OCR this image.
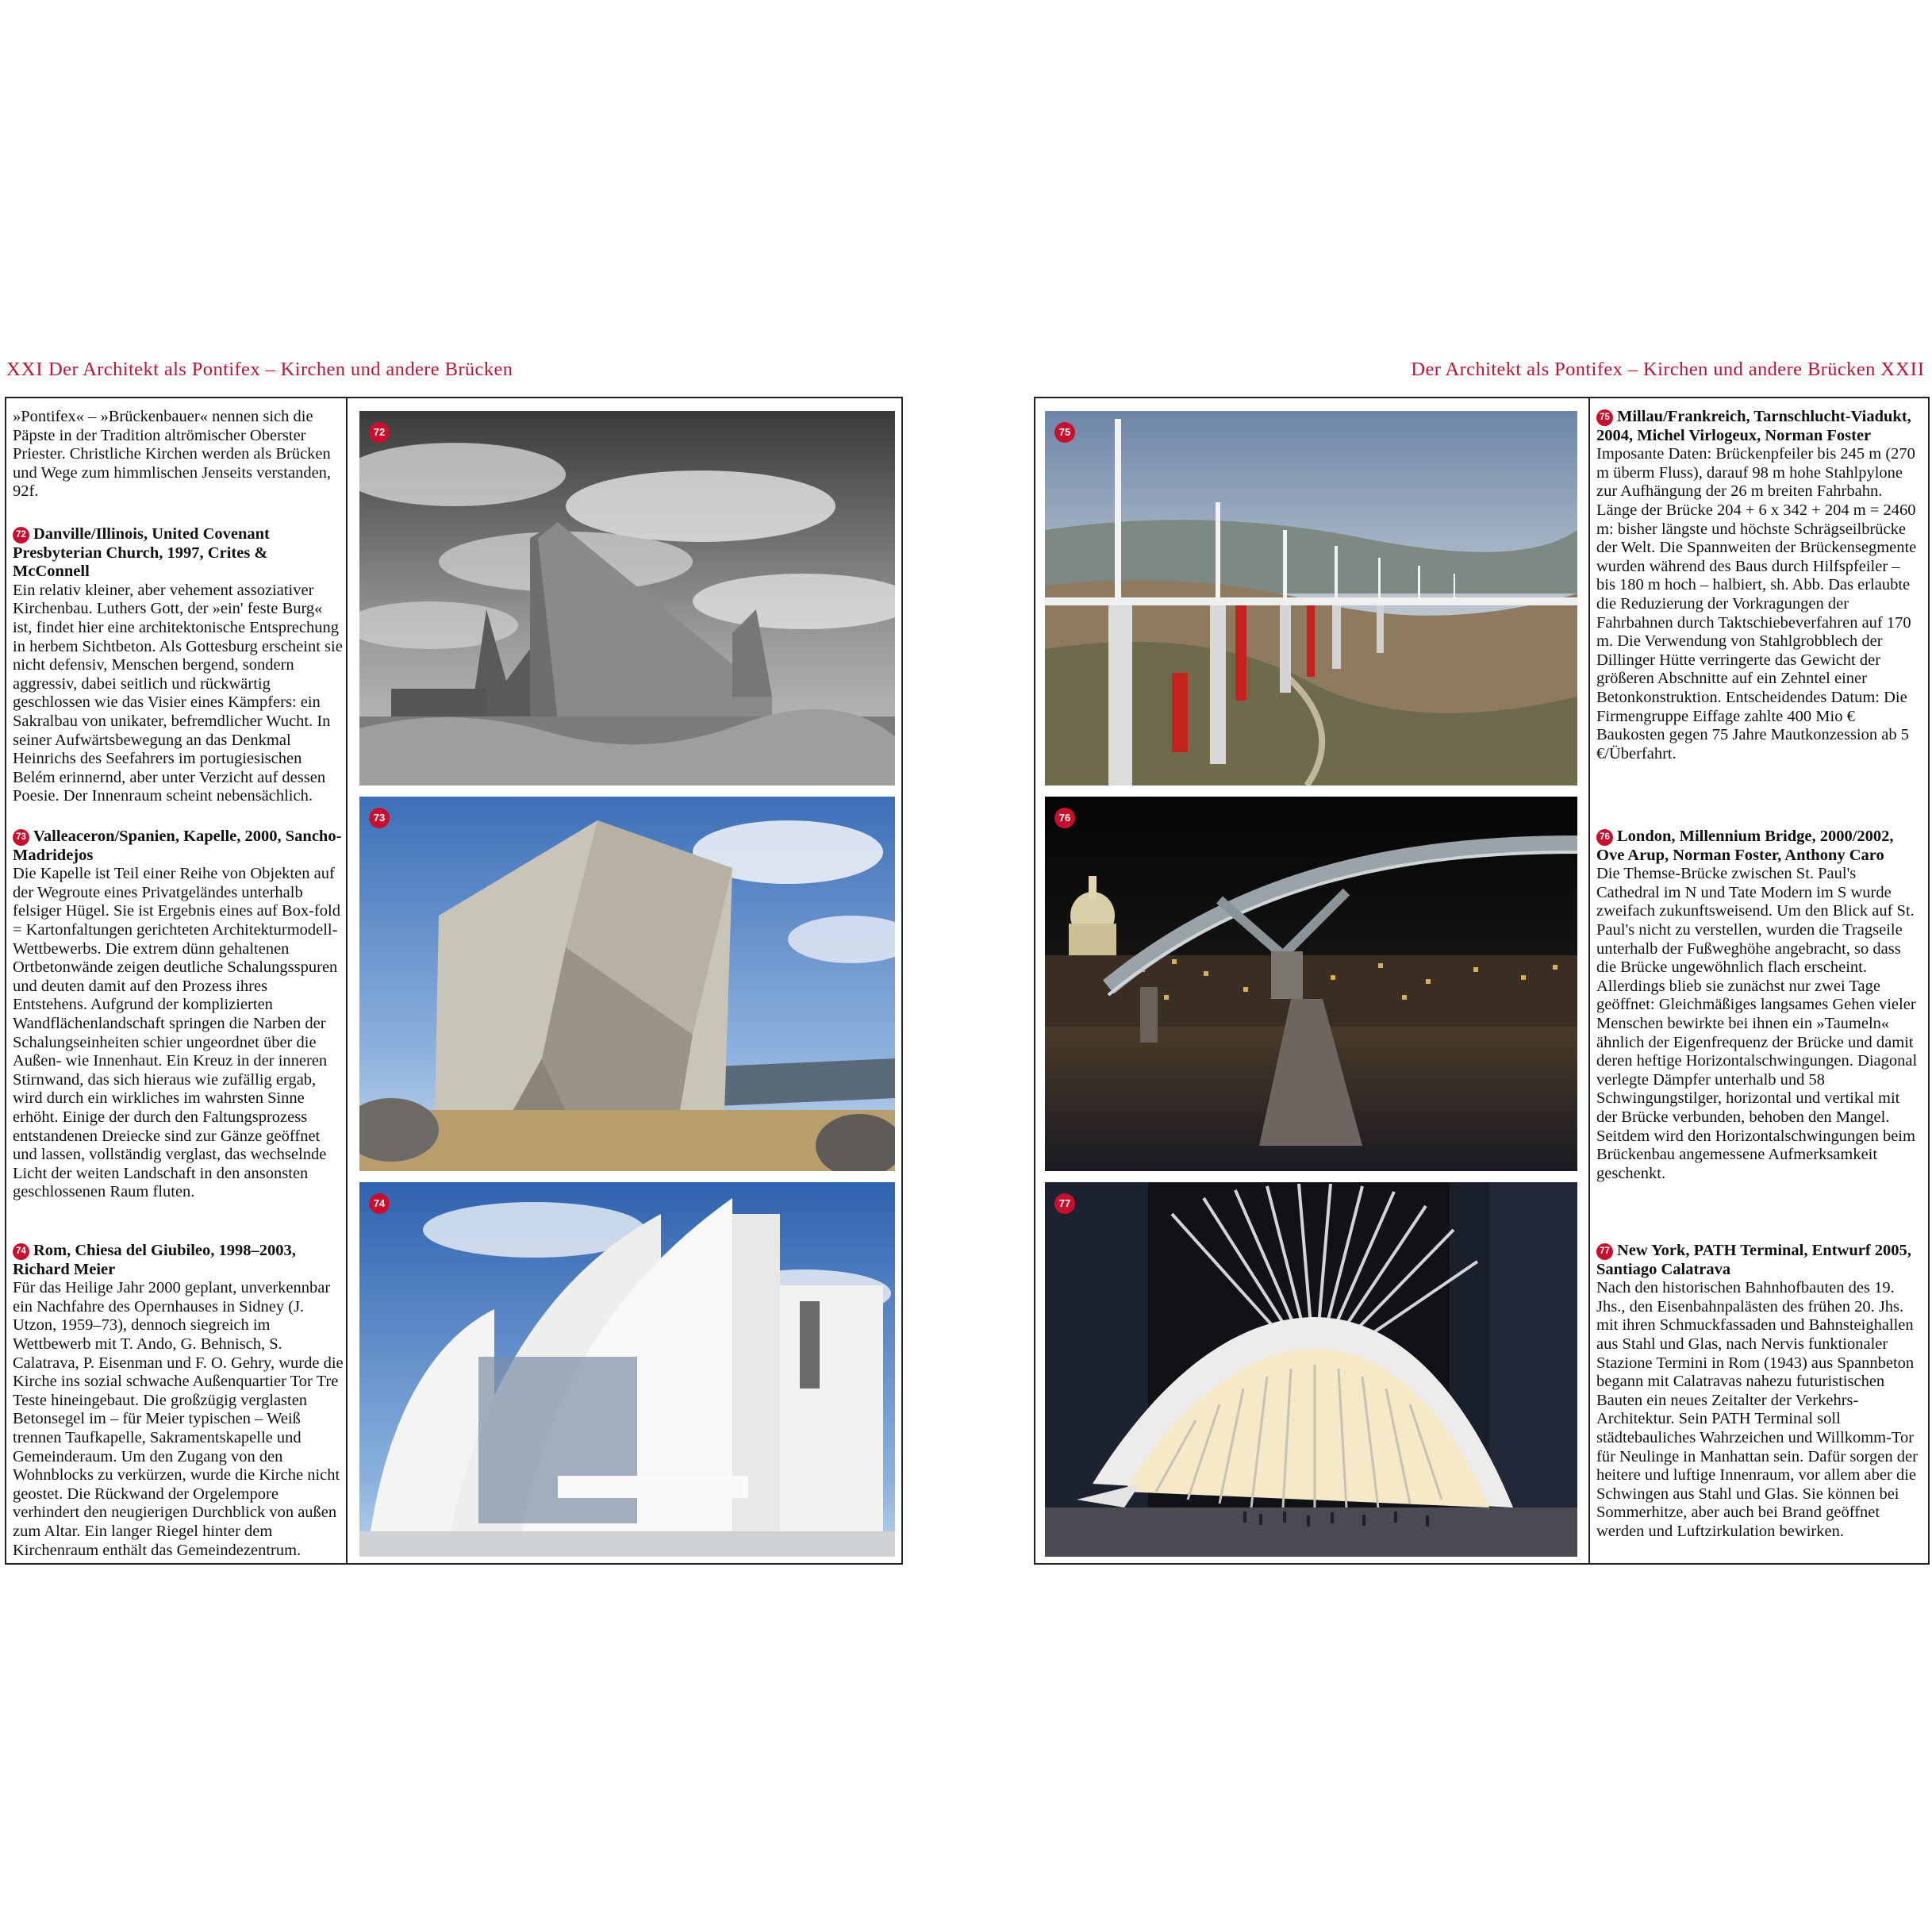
XXI Der Architekt als Pontifex – Kirchen und andere Brücken

»Pontifex« – »Brückenbauer« nennen sich die Päpste in der Tradition altrömischer Oberster Priester. Christliche Kirchen werden als Brücken und Wege zum himmlischen Jenseits verstanden, 92f.

72 Danville/Illinois, United Covenant Presbyterian Church, 1997, Crites & McConnell

Ein relativ kleiner, aber vehement assoziativer Kirchenbau. Luthers Gott, der »ein' feste Burg« ist, findet hier eine architektonische Entsprechung in herbem Sichtbeton. Als Gottesburg erscheint sie nicht defensiv, Menschen bergend, sondern aggressiv, dabei seitlich und rückwärtig geschlossen wie das Visier eines Kämpfers: ein Sakralbau von unikater, befremdlicher Wucht. In seiner Aufwärtsbewegung an das Denkmal Heinrichs des Seefahrers im portugiesischen Belém erinnernd, aber unter Verzicht auf dessen Poesie. Der Innenraum scheint nebensächlich.

73 Valleaceron/Spanien, Kapelle, 2000, Sancho-Madridejos

Die Kapelle ist Teil einer Reihe von Objekten auf der Wegroute eines Privatgeländes unterhalb felsiger Hügel. Sie ist Ergebnis eines auf Box-fold = Kartonfaltungen gerichteten Architekturmodell-Wettbewerbs. Die extrem dünn gehaltenen Ortbetonwände zeigen deutliche Schalungsspuren und deuten damit auf den Prozess ihres Entstehens. Aufgrund der komplizierten Wandflächenlandschaft springen die Narben der Schalungseinheiten schier ungeordnet über die Außen- wie Innenhaut. Ein Kreuz in der inneren Stirnwand, das sich hieraus wie zufällig ergab, wird durch ein wirkliches im wahrsten Sinne erhöht. Einige der durch den Faltungsprozess entstandenen Dreiecke sind zur Gänze geöffnet und lassen, vollständig verglast, das wechselnde Licht der weiten Landschaft in den ansonsten geschlossenen Raum fluten.

74 Rom, Chiesa del Giubileo, 1998–2003, Richard Meier

Für das Heilige Jahr 2000 geplant, unverkennbar ein Nachfahre des Opernhauses in Sidney (J. Utzon, 1959–73), dennoch siegreich im Wettbewerb mit T. Ando, G. Behnisch, S. Calatrava, P. Eisenman und F. O. Gehry, wurde die Kirche ins sozial schwache Außenquartier Tor Tre Teste hineingebaut. Die großzügig verglasten Betonsegel im – für Meier typischen – Weiß trennen Taufkapelle, Sakramentskapelle und Gemeinderaum. Um den Zugang von den Wohnblocks zu verkürzen, wurde die Kirche nicht geostet. Die Rückwand der Orgelempore verhindert den neugierigen Durchblick von außen zum Altar. Ein langer Riegel hinter dem Kirchenraum enthält das Gemeindezentrum.

72
73
74
Der Architekt als Pontifex – Kirchen und andere Brücken XXII
75
76
77

75 Millau/Frankreich, Tarnschlucht-Viadukt, 2004, Michel Virlogeux, Norman Foster

Imposante Daten: Brückenpfeiler bis 245 m (270 m überm Fluss), darauf 98 m hohe Stahlpylone zur Aufhängung der 26 m breiten Fahrbahn. Länge der Brücke 204 + 6 x 342 + 204 m = 2460 m: bisher längste und höchste Schrägseilbrücke der Welt. Die Spannweiten der Brückensegmente wurden während des Baus durch Hilfspfeiler – bis 180 m hoch – halbiert, sh. Abb. Das erlaubte die Reduzierung der Vorkragungen der Fahrbahnen durch Taktschiebeverfahren auf 170 m. Die Verwendung von Stahlgrobblech der Dillinger Hütte verringerte das Gewicht der größeren Abschnitte auf ein Zehntel einer Betonkonstruktion. Entscheidendes Datum: Die Firmengruppe Eiffage zahlte 400 Mio € Baukosten gegen 75 Jahre Mautkonzession ab 5 €/Überfahrt.

76 London, Millennium Bridge, 2000/2002, Ove Arup, Norman Foster, Anthony Caro

Die Themse-Brücke zwischen St. Paul's Cathedral im N und Tate Modern im S wurde zweifach zukunftsweisend. Um den Blick auf St. Paul's nicht zu verstellen, wurden die Tragseile unterhalb der Fußweghöhe angebracht, so dass die Brücke ungewöhnlich flach erscheint. Allerdings blieb sie zunächst nur zwei Tage geöffnet: Gleichmäßiges langsames Gehen vieler Menschen bewirkte bei ihnen ein »Taumeln« ähnlich der Eigenfrequenz der Brücke und damit deren heftige Horizontalschwingungen. Diagonal verlegte Dämpfer unterhalb und 58 Schwingungstilger, horizontal und vertikal mit der Brücke verbunden, behoben den Mangel. Seitdem wird den Horizontalschwingungen beim Brückenbau angemessene Aufmerksamkeit geschenkt.

77 New York, PATH Terminal, Entwurf 2005, Santiago Calatrava

Nach den historischen Bahnhofbauten des 19. Jhs., den Eisenbahnpalästen des frühen 20. Jhs. mit ihren Schmuckfassaden und Bahnsteighallen aus Stahl und Glas, nach Nervis funktionaler Stazione Termini in Rom (1943) aus Spannbeton begann mit Calatravas nahezu futuristischen Bauten ein neues Zeitalter der Verkehrs-Architektur. Sein PATH Terminal soll städtebauliches Wahrzeichen und Willkomm-Tor für Neulinge in Manhattan sein. Dafür sorgen der heitere und luftige Innenraum, vor allem aber die Schwingen aus Stahl und Glas. Sie können bei Sommerhitze, aber auch bei Brand geöffnet werden und Luftzirkulation bewirken.
